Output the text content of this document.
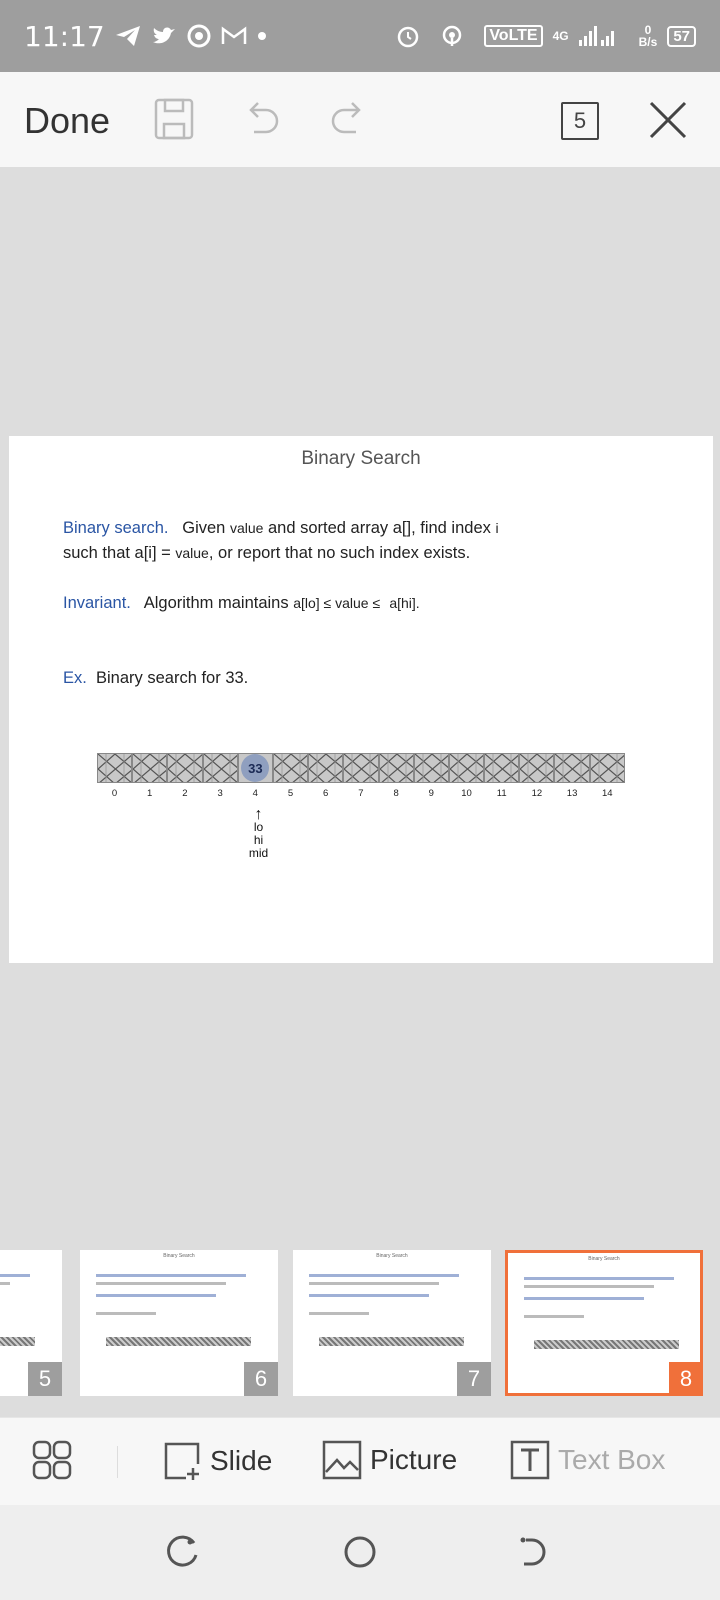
11:17	VoLTE	4G	0
B/s	57
Done	5
Binary Search
Binary search. Given value and sorted array a[], find index i
such that a[i] = value, or report that no such index exists.
Invariant. Algorithm maintains a[lo] ≤ value ≤ a[hi].
Ex. Binary search for 33.
33
0	1	2	3	4	5	6	7	8	9	10	11	12	13	14
↑
lo
hi
mid
5
Binary Search
6
Binary Search
7
Binary Search
8
Slide	Picture	Text Box
